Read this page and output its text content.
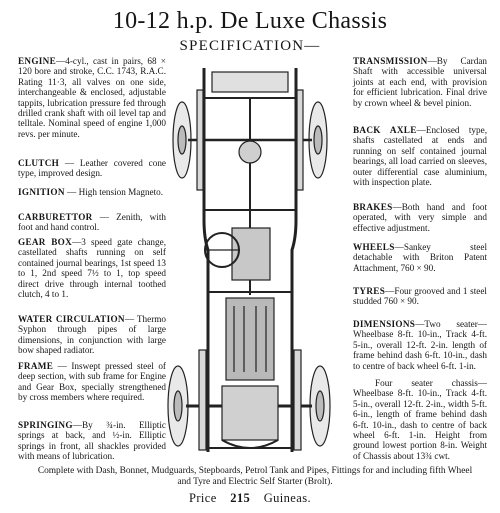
10-12 h.p. De Luxe Chassis
SPECIFICATION—

ENGINE—4-cyl., cast in pairs, 68 × 120 bore and stroke, C.C. 1743, R.A.C. Rating 11·3, all valves on one side, interchangeable & enclosed, adjustable tappits, lubrication pressure fed through drilled crank shaft with oil level tap and telltale. Nominal speed of engine 1,000 revs. per minute.

CLUTCH — Leather covered cone type, improved design.

IGNITION — High tension Magneto.

CARBURETTOR — Zenith, with foot and hand control.

GEAR BOX—3 speed gate change, castellated shafts running on self contained journal bearings, 1st speed 13 to 1, 2nd speed 7½ to 1, top speed direct drive through internal toothed clutch, 4 to 1.

WATER CIRCULATION— Thermo Syphon through pipes of large dimensions, in conjunction with large bow shaped radiator.

FRAME — Inswept pressed steel of deep section, with sub frame for Engine and Gear Box, specially strengthened by cross members where required.

SPRINGING—By ¾-in. Elliptic springs at back, and ½-in. Elliptic springs in front, all shackles provided with means of lubrication.

TRANSMISSION—By Cardan Shaft with accessible universal joints at each end, with provision for efficient lubrication. Final drive by crown wheel & bevel pinion.

BACK AXLE—Enclosed type, shafts castellated at ends and running on self contained journal bearings, all load carried on sleeves, outer differential case aluminium, with inspection plate.

BRAKES—Both hand and foot operated, with very simple and effective adjustment.

WHEELS—Sankey steel detachable with Briton Patent Attachment, 760 × 90.

TYRES—Four grooved and 1 steel studded 760 × 90.

DIMENSIONS—Two seater—Wheelbase 8-ft. 10-in., Track 4-ft. 5-in., overall 12-ft. 2-in. length of frame behind dash 6-ft. 10-in., dash to centre of back wheel 6-ft. 1-in.

Four seater chassis—Wheelbase 8-ft. 10-in., Track 4-ft. 5-in., overall 12-ft. 2-in., width 5-ft. 6-in., length of frame behind dash 6-ft. 10-in., dash to centre of back wheel 6-ft. 1-in. Height from ground lowest portion 8-in. Weight of Chassis about 13¾ cwt.

Complete with Dash, Bonnet, Mudguards, Stepboards, Petrol Tank and Pipes, Fittings for and including fifth Wheel and Tyre and Electric Self Starter (Brolt).
Price 215 Guineas.
